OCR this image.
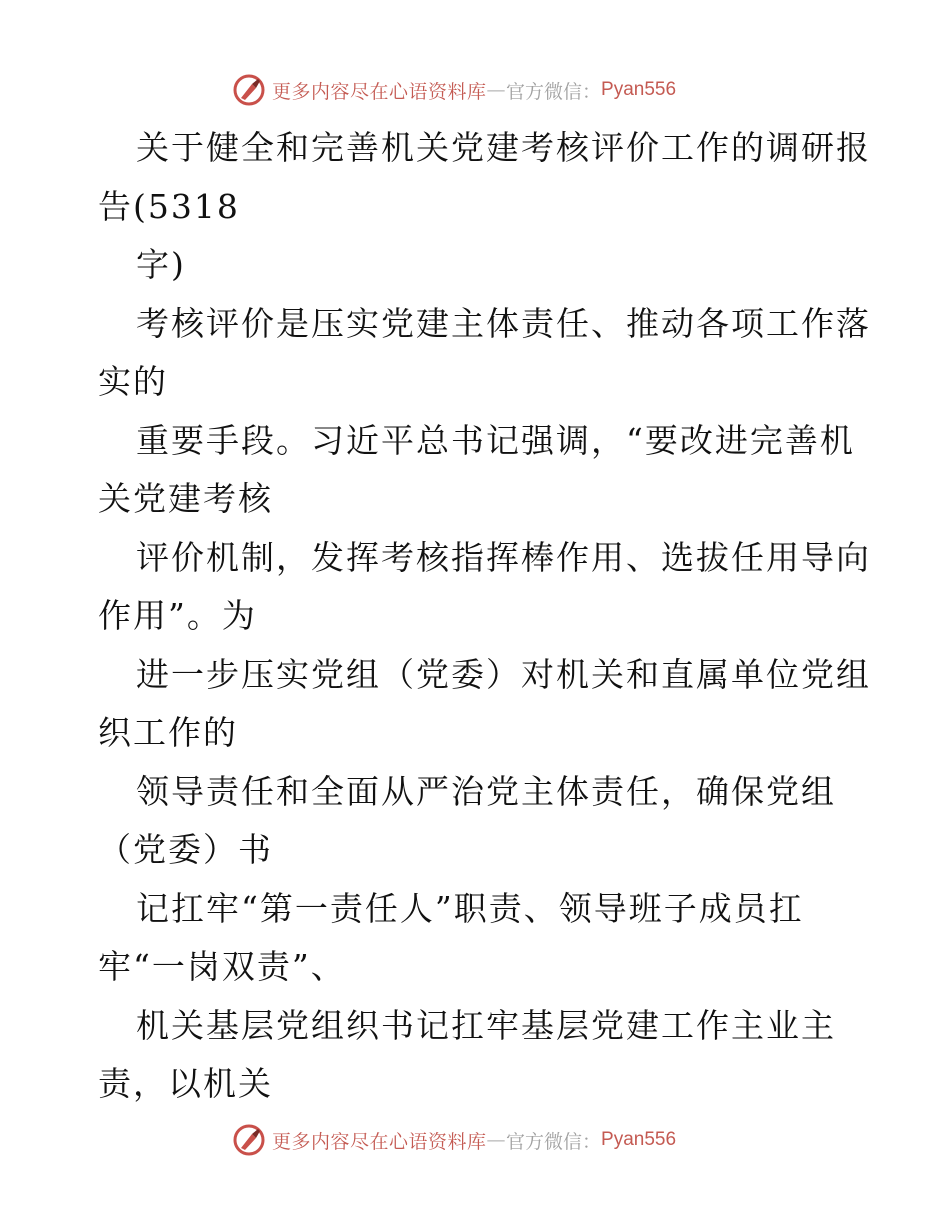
更多内容尽在心语资料库 — 官方微信： Pyan556
关于健全和完善机关党建考核评价工作的调研报
告(5318
字)
考核评价是压实党建主体责任、推动各项工作落
实的
重要手段。习近平总书记强调，“要改进完善机
关党建考核
评价机制，发挥考核指挥棒作用、选拔任用导向
作用”。为
进一步压实党组（党委）对机关和直属单位党组
织工作的
领导责任和全面从严治党主体责任，确保党组
（党委）书
记扛牢“第一责任人”职责、领导班子成员扛
牢“一岗双责”、
机关基层党组织书记扛牢基层党建工作主业主
责，以机关
更多内容尽在心语资料库 — 官方微信： Pyan556
